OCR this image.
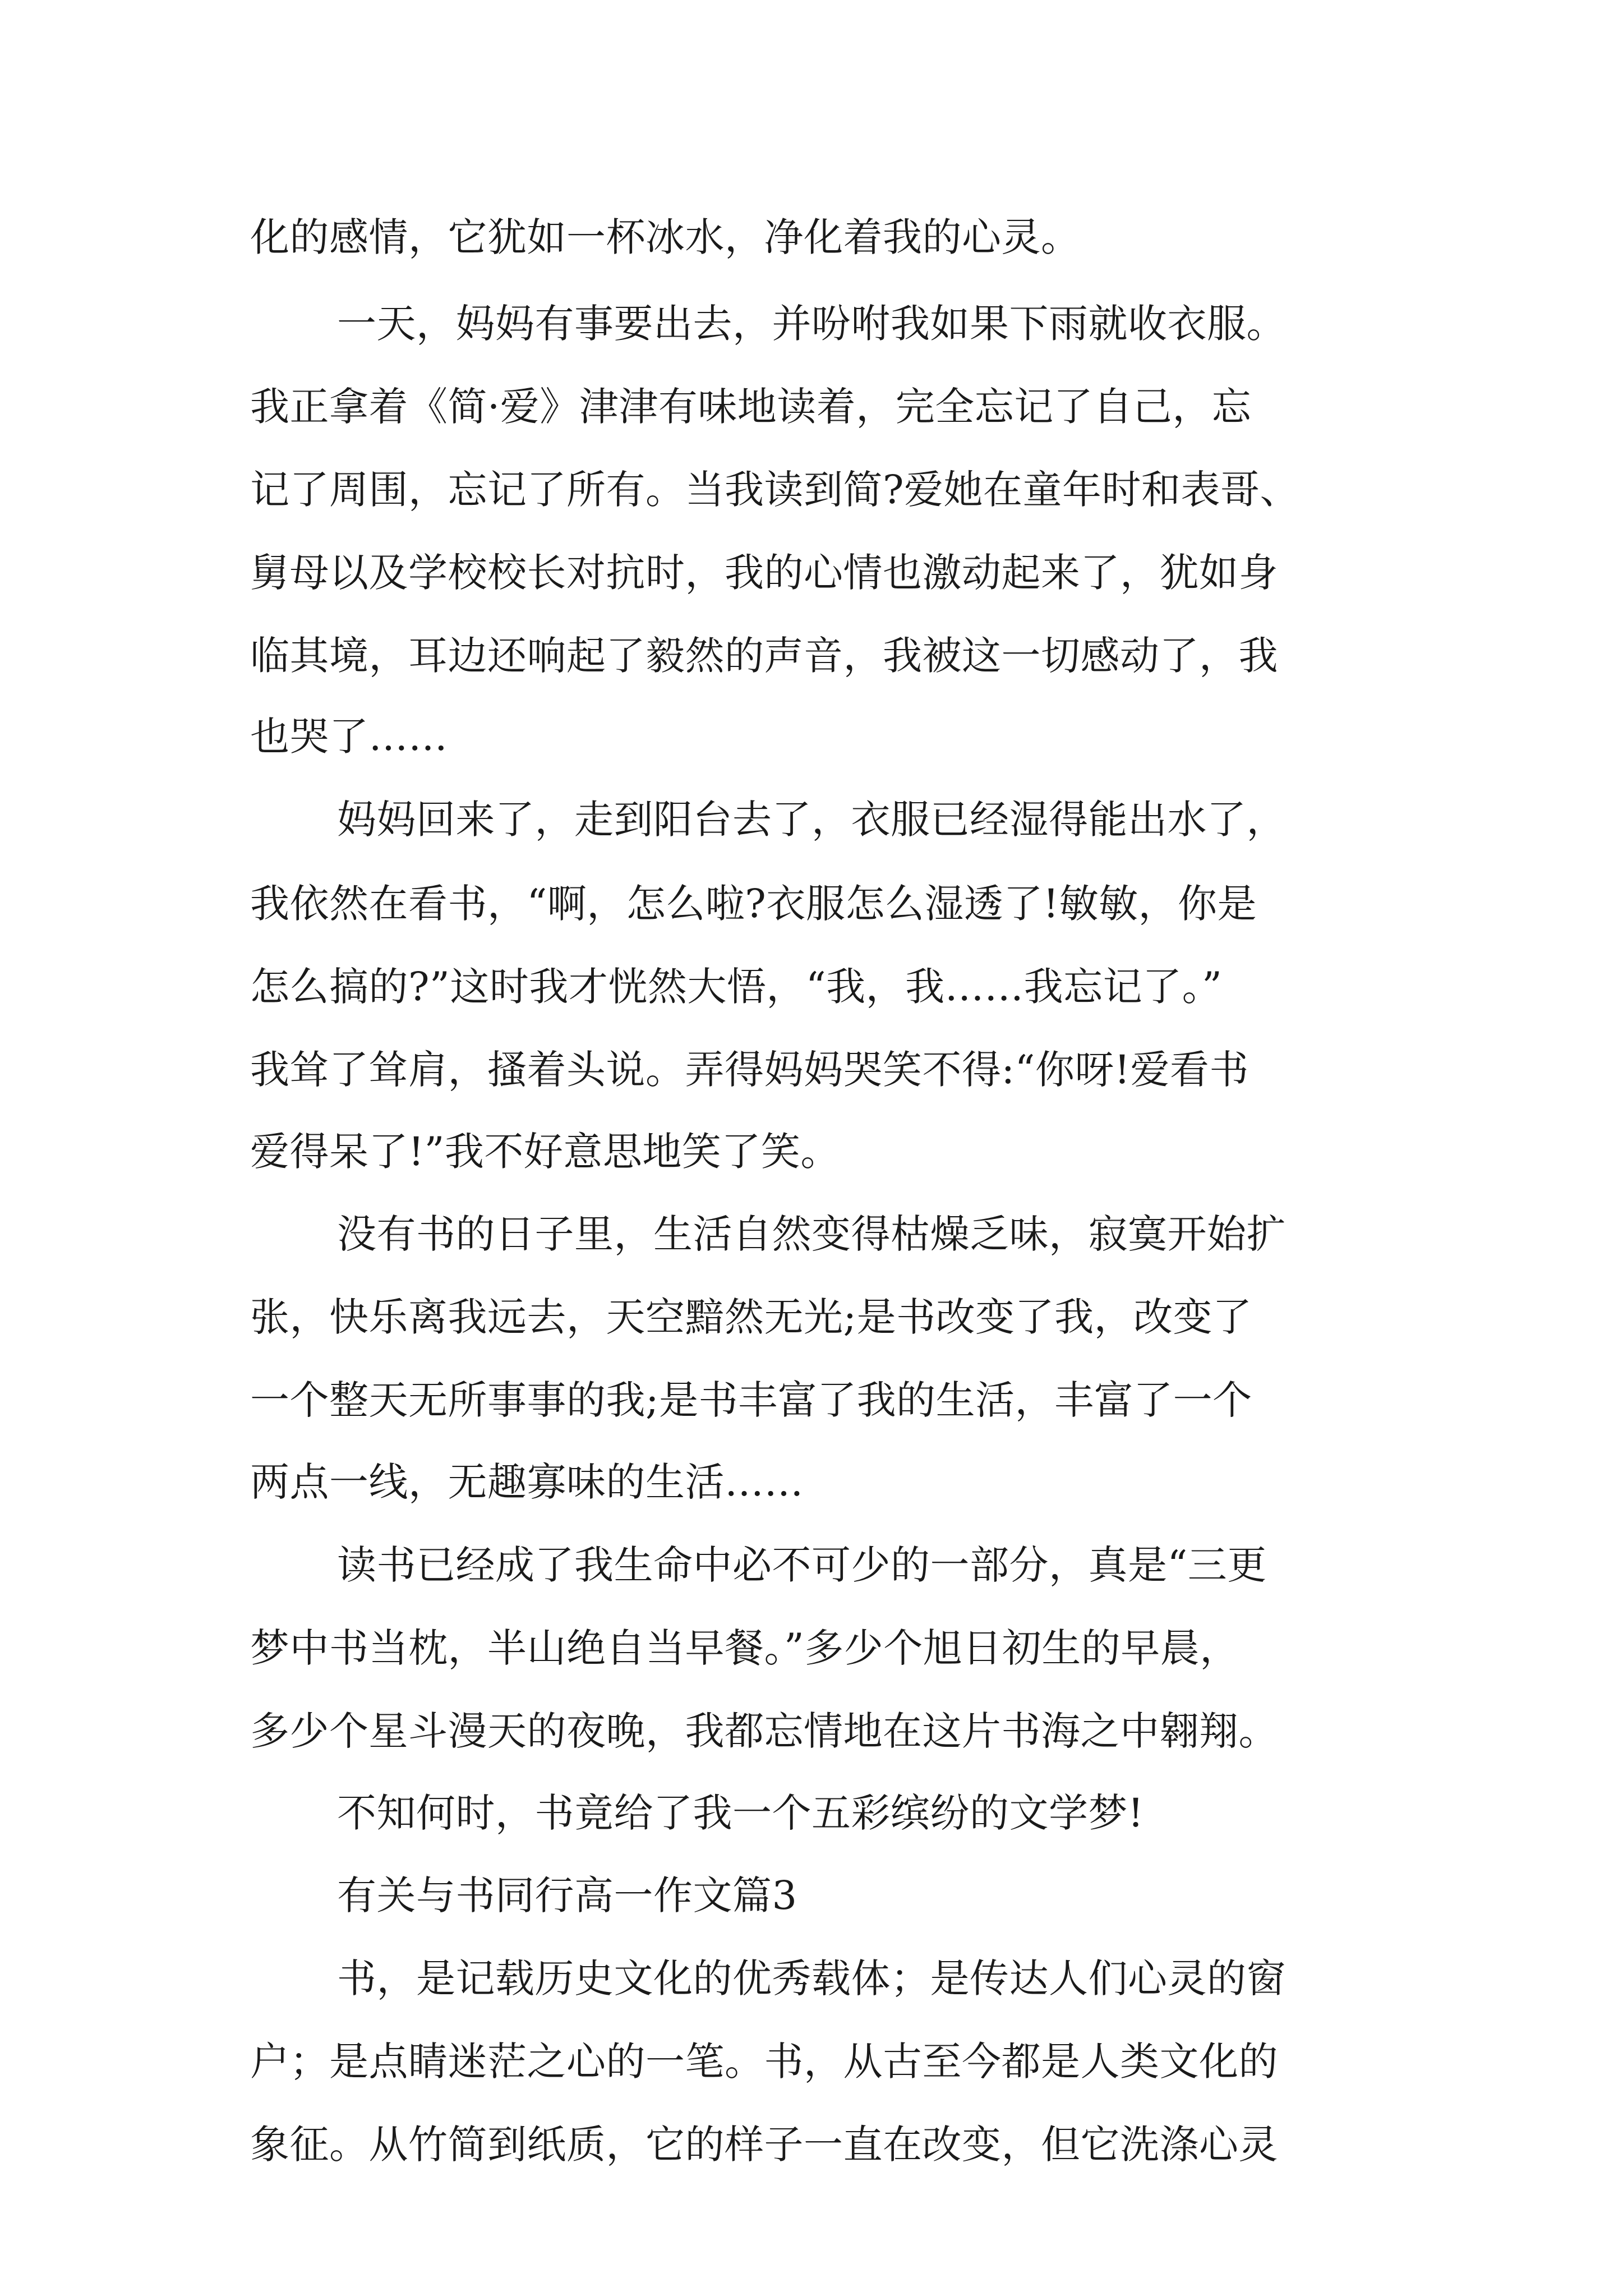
化的感情，它犹如一杯冰水，净化着我的心灵。
一天，妈妈有事要出去，并吩咐我如果下雨就收衣服。
我正拿着《简·爱》津津有味地读着，完全忘记了自己，忘
记了周围，忘记了所有。当我读到简?爱她在童年时和表哥、
舅母以及学校校长对抗时，我的心情也激动起来了，犹如身
临其境，耳边还响起了毅然的声音，我被这一切感动了，我
也哭了……
妈妈回来了，走到阳台去了，衣服已经湿得能出水了，
我依然在看书，“啊，怎么啦?衣服怎么湿透了!敏敏，你是
怎么搞的?”这时我才恍然大悟，“我，我……我忘记了。”
我耸了耸肩，搔着头说。弄得妈妈哭笑不得:“你呀!爱看书
爱得呆了!”我不好意思地笑了笑。
没有书的日子里，生活自然变得枯燥乏味，寂寞开始扩
张，快乐离我远去，天空黯然无光;是书改变了我，改变了
一个整天无所事事的我;是书丰富了我的生活，丰富了一个
两点一线，无趣寡味的生活……
读书已经成了我生命中必不可少的一部分，真是“三更
梦中书当枕，半山绝自当早餐。”多少个旭日初生的早晨，
多少个星斗漫天的夜晚，我都忘情地在这片书海之中翱翔。
不知何时，书竟给了我一个五彩缤纷的文学梦!
有关与书同行高一作文篇3
书，是记载历史文化的优秀载体；是传达人们心灵的窗
户；是点睛迷茫之心的一笔。书，从古至今都是人类文化的
象征。从竹简到纸质，它的样子一直在改变，但它洗涤心灵
